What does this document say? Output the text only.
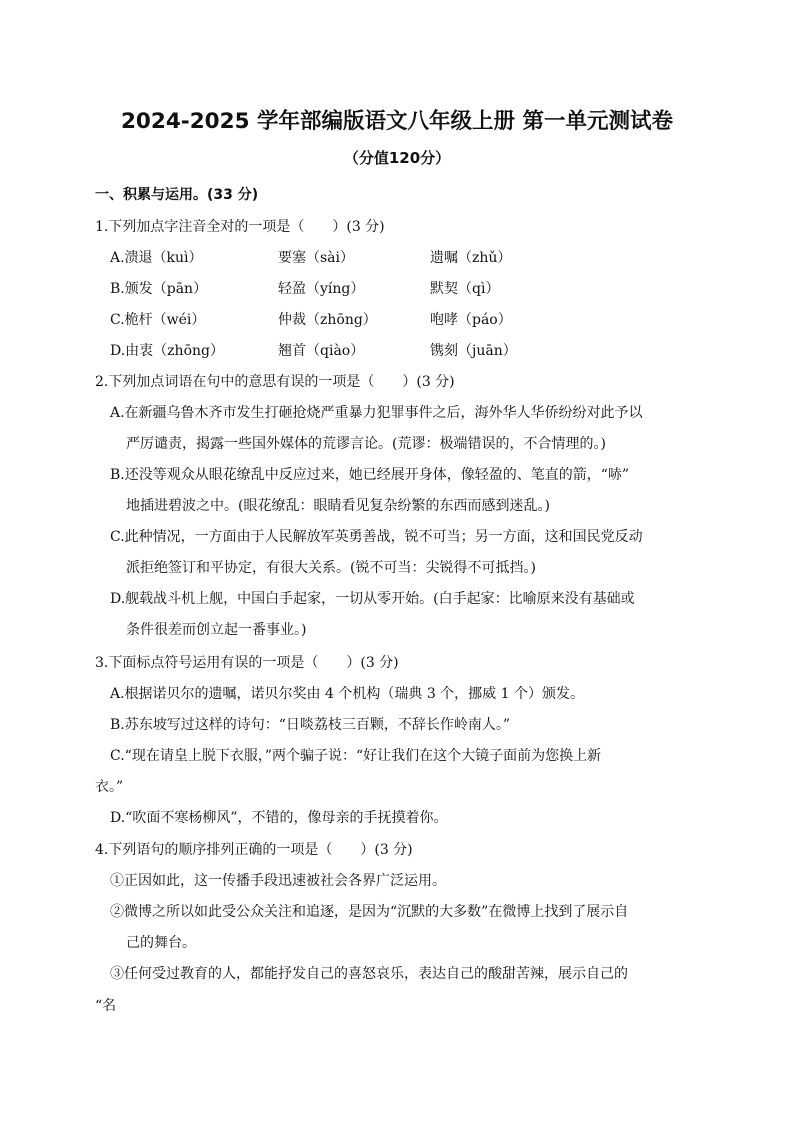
2024-2025 学年部编版语文八年级上册 第一单元测试卷
（分值120分）
一、积累与运用。(33 分)
1.下列加点字注音全对的一项是（　　）(3 分)
A.溃退（kuì）	要塞（sài）	遗嘱（zhǔ）
B.颁发（pān）	轻盈（yíng）	默契（qì）
C.桅杆（wéi）	仲裁（zhōng）	咆哮（páo）
D.由衷（zhōng）	翘首（qiào）	镌刻（juān）
2.下列加点词语在句中的意思有误的一项是（　　）(3 分)
A.在新疆乌鲁木齐市发生打砸抢烧严重暴力犯罪事件之后，海外华人华侨纷纷对此予以
严厉谴责，揭露一些国外媒体的荒谬言论。(荒谬：极端错误的，不合情理的。)
B.还没等观众从眼花缭乱中反应过来，她已经展开身体，像轻盈的、笔直的箭，“哧”
地插进碧波之中。(眼花缭乱：眼睛看见复杂纷繁的东西而感到迷乱。)
C.此种情况，一方面由于人民解放军英勇善战，锐不可当；另一方面，这和国民党反动
派拒绝签订和平协定，有很大关系。(锐不可当：尖锐得不可抵挡。)
D.舰载战斗机上舰，中国白手起家，一切从零开始。(白手起家：比喻原来没有基础或
条件很差而创立起一番事业。)
3.下面标点符号运用有误的一项是（　　）(3 分)
A.根据诺贝尔的遗嘱，诺贝尔奖由 4 个机构（瑞典 3 个，挪威 1 个）颁发。
B.苏东坡写过这样的诗句：“日啖荔枝三百颗，不辞长作岭南人。”
C.“现在请皇上脱下衣服，”两个骗子说：“好让我们在这个大镜子面前为您换上新
衣。”
D.“吹面不寒杨柳风”，不错的，像母亲的手抚摸着你。
4.下列语句的顺序排列正确的一项是（　　）(3 分)
①正因如此，这一传播手段迅速被社会各界广泛运用。
②微博之所以如此受公众关注和追逐，是因为“沉默的大多数”在微博上找到了展示自
己的舞台。
③任何受过教育的人，都能抒发自己的喜怒哀乐，表达自己的酸甜苦辣，展示自己的
“名
